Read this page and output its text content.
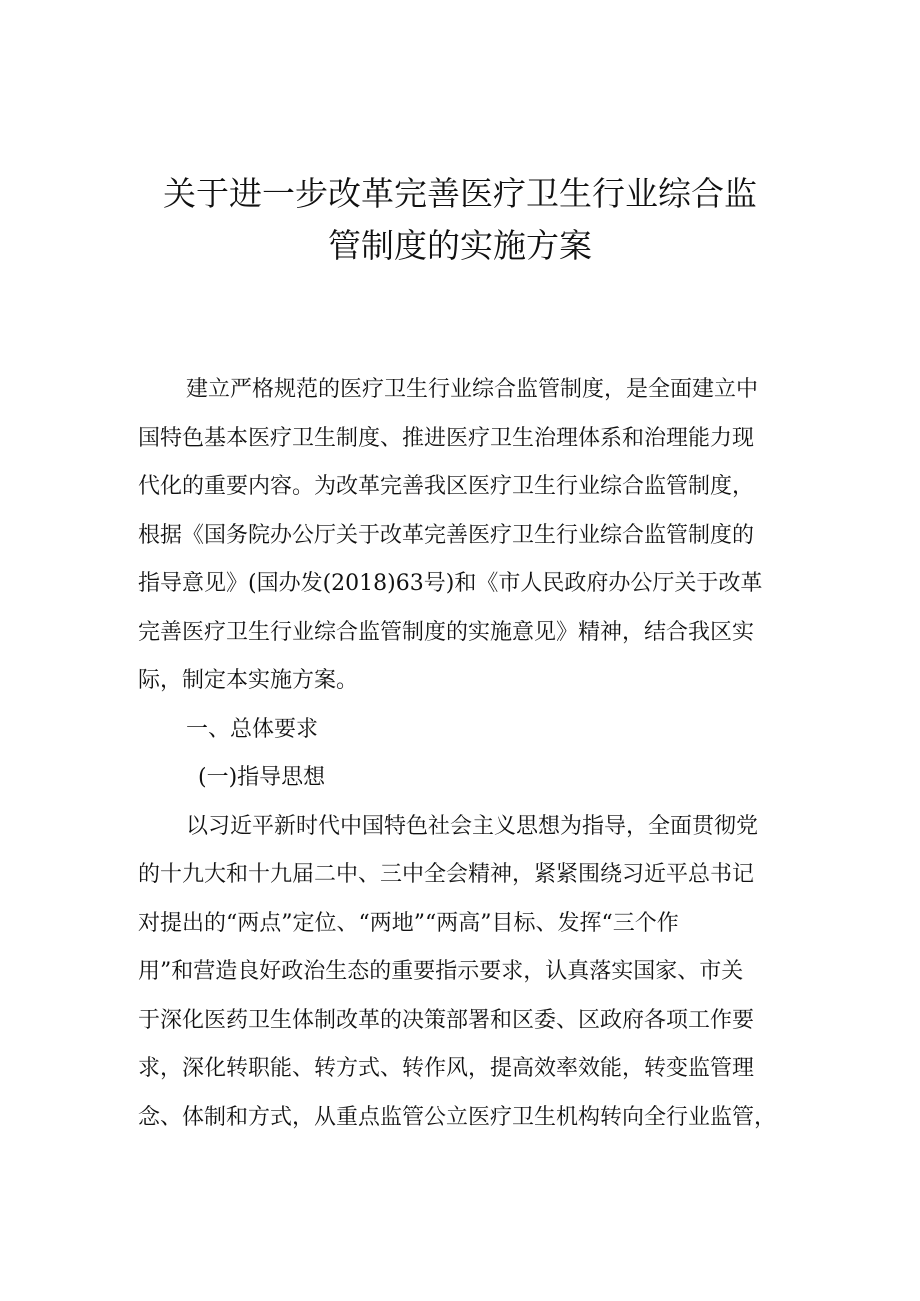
关于进一步改革完善医疗卫生行业综合监
管制度的实施方案
建立严格规范的医疗卫生行业综合监管制度，是全面建立中
国特色基本医疗卫生制度、推进医疗卫生治理体系和治理能力现
代化的重要内容。为改革完善我区医疗卫生行业综合监管制度，
根据《国务院办公厅关于改革完善医疗卫生行业综合监管制度的
指导意见》(国办发(2018)63号)和《市人民政府办公厅关于改革
完善医疗卫生行业综合监管制度的实施意见》精神，结合我区实
际，制定本实施方案。
一、总体要求
(一)指导思想
以习近平新时代中国特色社会主义思想为指导，全面贯彻党
的十九大和十九届二中、三中全会精神，紧紧围绕习近平总书记
对提出的“两点”定位、“两地”“两高”目标、发挥“三个作
用”和营造良好政治生态的重要指示要求，认真落实国家、市关
于深化医药卫生体制改革的决策部署和区委、区政府各项工作要
求，深化转职能、转方式、转作风，提高效率效能，转变监管理
念、体制和方式，从重点监管公立医疗卫生机构转向全行业监管，
